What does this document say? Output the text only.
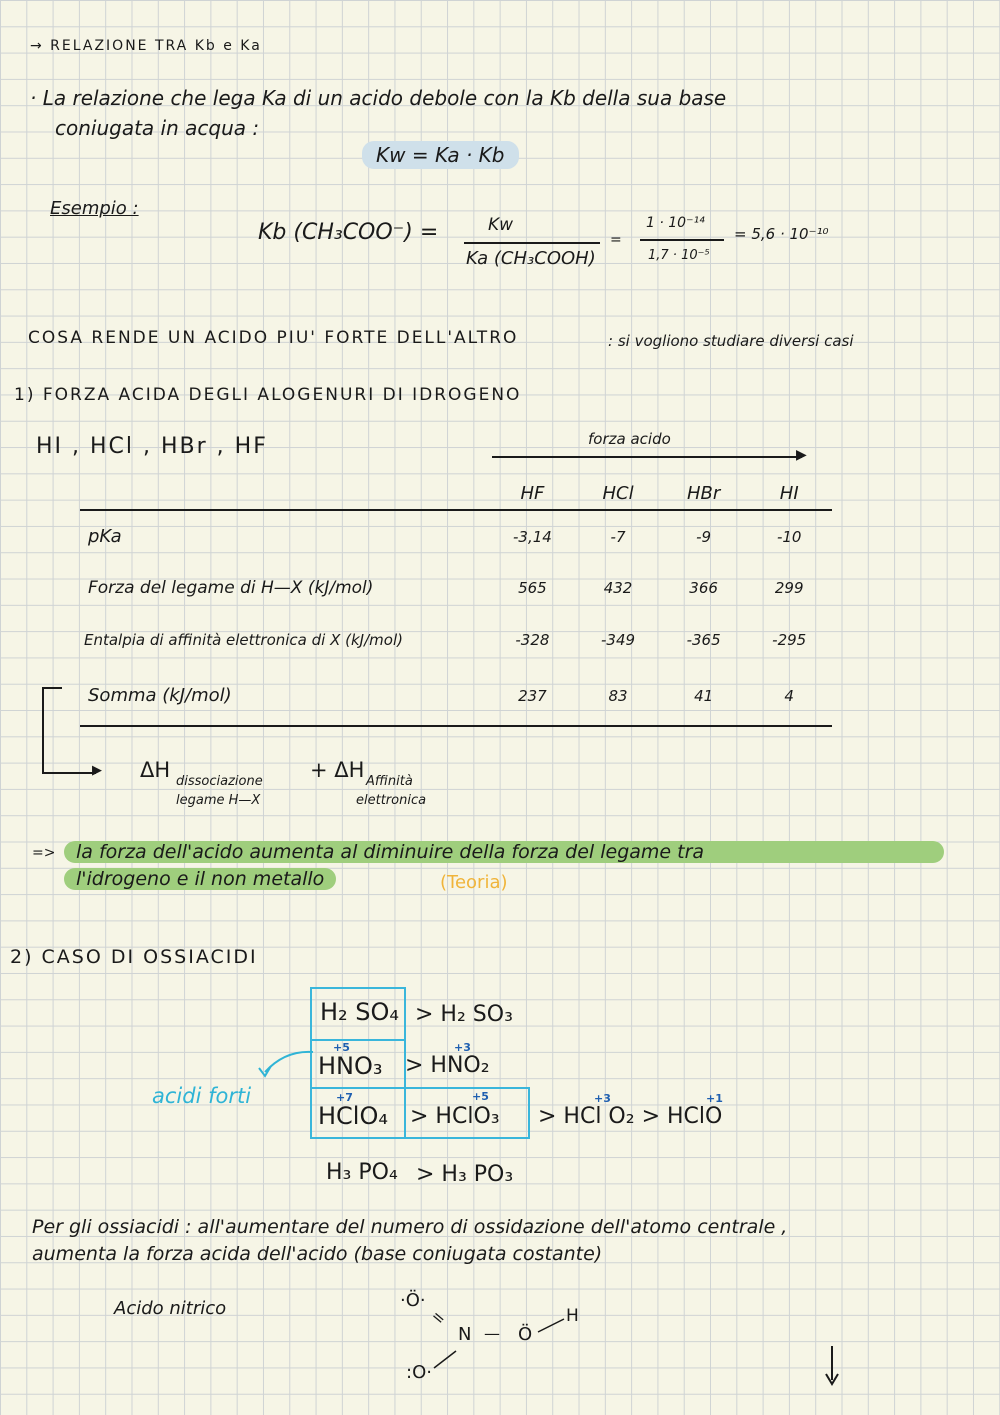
→ RELAZIONE TRA Kb e Ka
· La relazione che lega Ka di un acido debole con la Kb della sua base
coniugata in acqua :
Kw = Ka · Kb
Esempio :
Kb (CH₃COO⁻) =	Kw
Ka (CH₃COOH)
=
1 · 10⁻¹⁴
1,7 · 10⁻⁵
= 5,6 · 10⁻¹⁰
COSA RENDE UN ACIDO PIU' FORTE DELL'ALTRO	: si vogliono studiare diversi casi
1) FORZA ACIDA DEGLI ALOGENURI DI IDROGENO
HI , HCl , HBr , HF	forza acido
▶
	HF	HCl	HBr	HI
pKa	-3,14	-7	-9	-10
Forza del legame di H—X (kJ/mol)	565	432	366	299
Entalpia di affinità elettronica di X (kJ/mol)	-328	-349	-365	-295
Somma (kJ/mol)	237	83	41	4
▶ ΔH dissociazione
legame H—X
+ ΔH Affinità
elettronica
=>	la forza dell'acido aumenta al diminuire della forza del legame tra
l'idrogeno e il non metallo	(Teoria)
2) CASO DI OSSIACIDI
H₂ SO₄ > H₂ SO₃
HNO₃ > HNO₂
HClO₄ > HClO₃ > HCl O₂ > HClO
H₃ PO₄ > H₃ PO₃
+5	+3
+7	+5	+3	+1
acidi forti
Per gli ossiacidi : all'aumentare del numero di ossidazione dell'atomo centrale ,
aumenta la forza acida dell'acido (base coniugata costante)
Acido nitrico	·Ö·
=
N — Ö
H
:O·
